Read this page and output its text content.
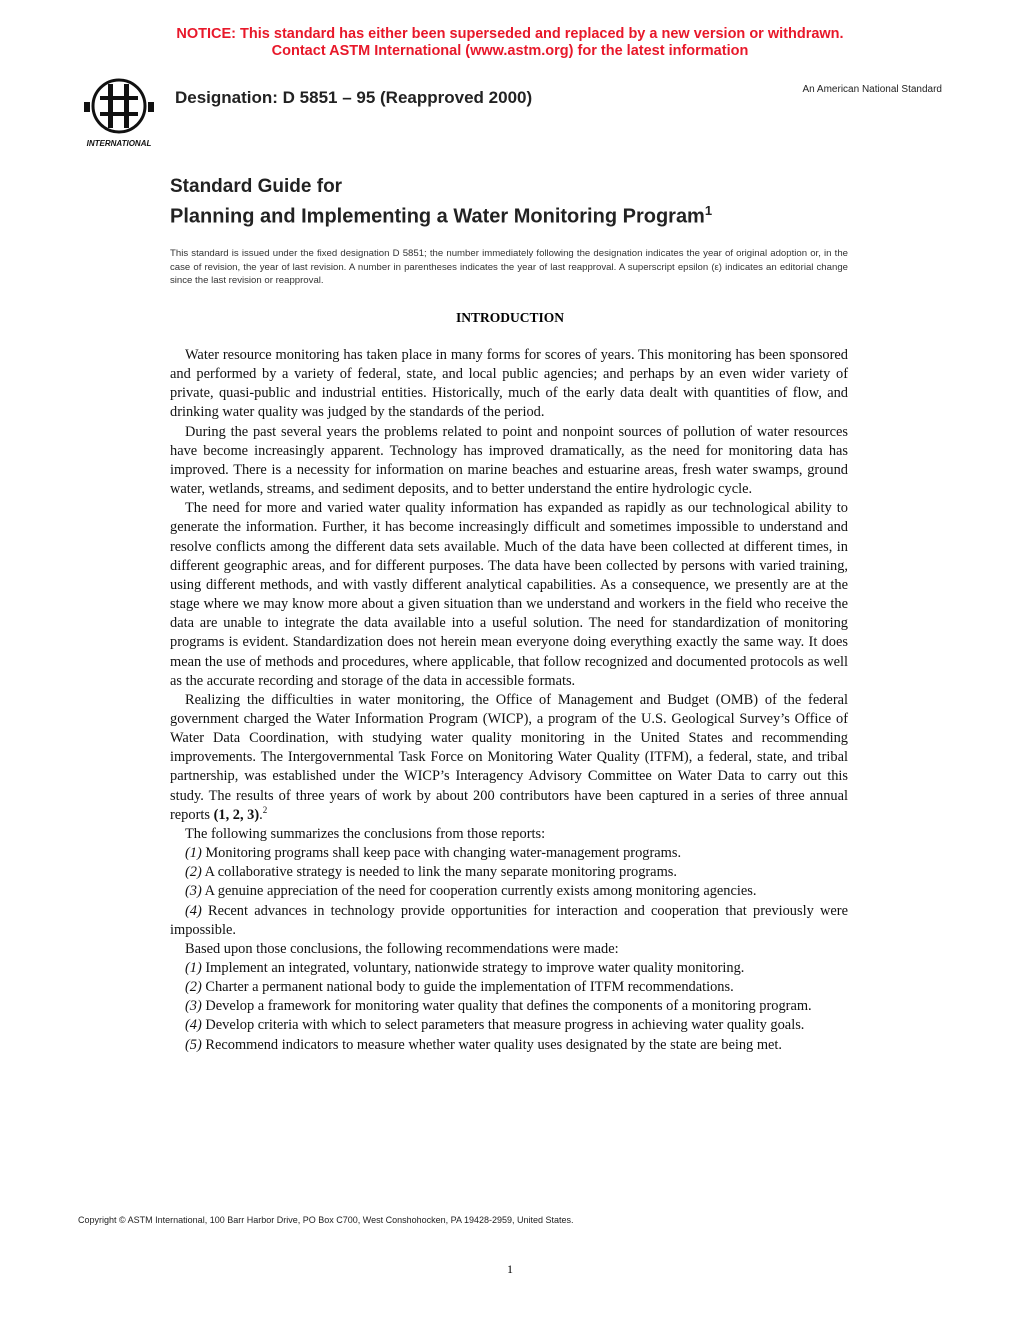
NOTICE: This standard has either been superseded and replaced by a new version or withdrawn.
Contact ASTM International (www.astm.org) for the latest information
INTERNATIONAL
Designation: D 5851 – 95 (Reapproved 2000)	An American National Standard
Standard Guide for
Planning and Implementing a Water Monitoring Program$^1$
This standard is issued under the fixed designation D 5851; the number immediately following the designation indicates the year of original adoption or, in the case of revision, the year of last revision. A number in parentheses indicates the year of last reapproval. A superscript epsilon (ε) indicates an editorial change since the last revision or reapproval.
INTRODUCTION

Water resource monitoring has taken place in many forms for scores of years. This monitoring has been sponsored and performed by a variety of federal, state, and local public agencies; and perhaps by an even wider variety of private, quasi-public and industrial entities. Historically, much of the early data dealt with quantities of flow, and drinking water quality was judged by the standards of the period.

During the past several years the problems related to point and nonpoint sources of pollution of water resources have become increasingly apparent. Technology has improved dramatically, as the need for monitoring data has improved. There is a necessity for information on marine beaches and estuarine areas, fresh water swamps, ground water, wetlands, streams, and sediment deposits, and to better understand the entire hydrologic cycle.

The need for more and varied water quality information has expanded as rapidly as our technological ability to generate the information. Further, it has become increasingly difficult and sometimes impossible to understand and resolve conflicts among the different data sets available. Much of the data have been collected at different times, in different geographic areas, and for different purposes. The data have been collected by persons with varied training, using different methods, and with vastly different analytical capabilities. As a consequence, we presently are at the stage where we may know more about a given situation than we understand and workers in the field who receive the data are unable to integrate the data available into a useful solution. The need for standardization of monitoring programs is evident. Standardization does not herein mean everyone doing everything exactly the same way. It does mean the use of methods and procedures, where applicable, that follow recognized and documented protocols as well as the accurate recording and storage of the data in accessible formats.

Realizing the difficulties in water monitoring, the Office of Management and Budget (OMB) of the federal government charged the Water Information Program (WICP), a program of the U.S. Geological Survey’s Office of Water Data Coordination, with studying water quality monitoring in the United States and recommending improvements. The Intergovernmental Task Force on Monitoring Water Quality (ITFM), a federal, state, and tribal partnership, was established under the WICP’s Interagency Advisory Committee on Water Data to carry out this study. The results of three years of work by about 200 contributors have been captured in a series of three annual reports (1, 2, 3).$^2$

The following summarizes the conclusions from those reports:

(1) Monitoring programs shall keep pace with changing water-management programs.

(2) A collaborative strategy is needed to link the many separate monitoring programs.

(3) A genuine appreciation of the need for cooperation currently exists among monitoring agencies.

(4) Recent advances in technology provide opportunities for interaction and cooperation that previously were impossible.

Based upon those conclusions, the following recommendations were made:

(1) Implement an integrated, voluntary, nationwide strategy to improve water quality monitoring.

(2) Charter a permanent national body to guide the implementation of ITFM recommendations.

(3) Develop a framework for monitoring water quality that defines the components of a monitoring program.

(4) Develop criteria with which to select parameters that measure progress in achieving water quality goals.

(5) Recommend indicators to measure whether water quality uses designated by the state are being met.

Copyright © ASTM International, 100 Barr Harbor Drive, PO Box C700, West Conshohocken, PA 19428-2959, United States.
1
